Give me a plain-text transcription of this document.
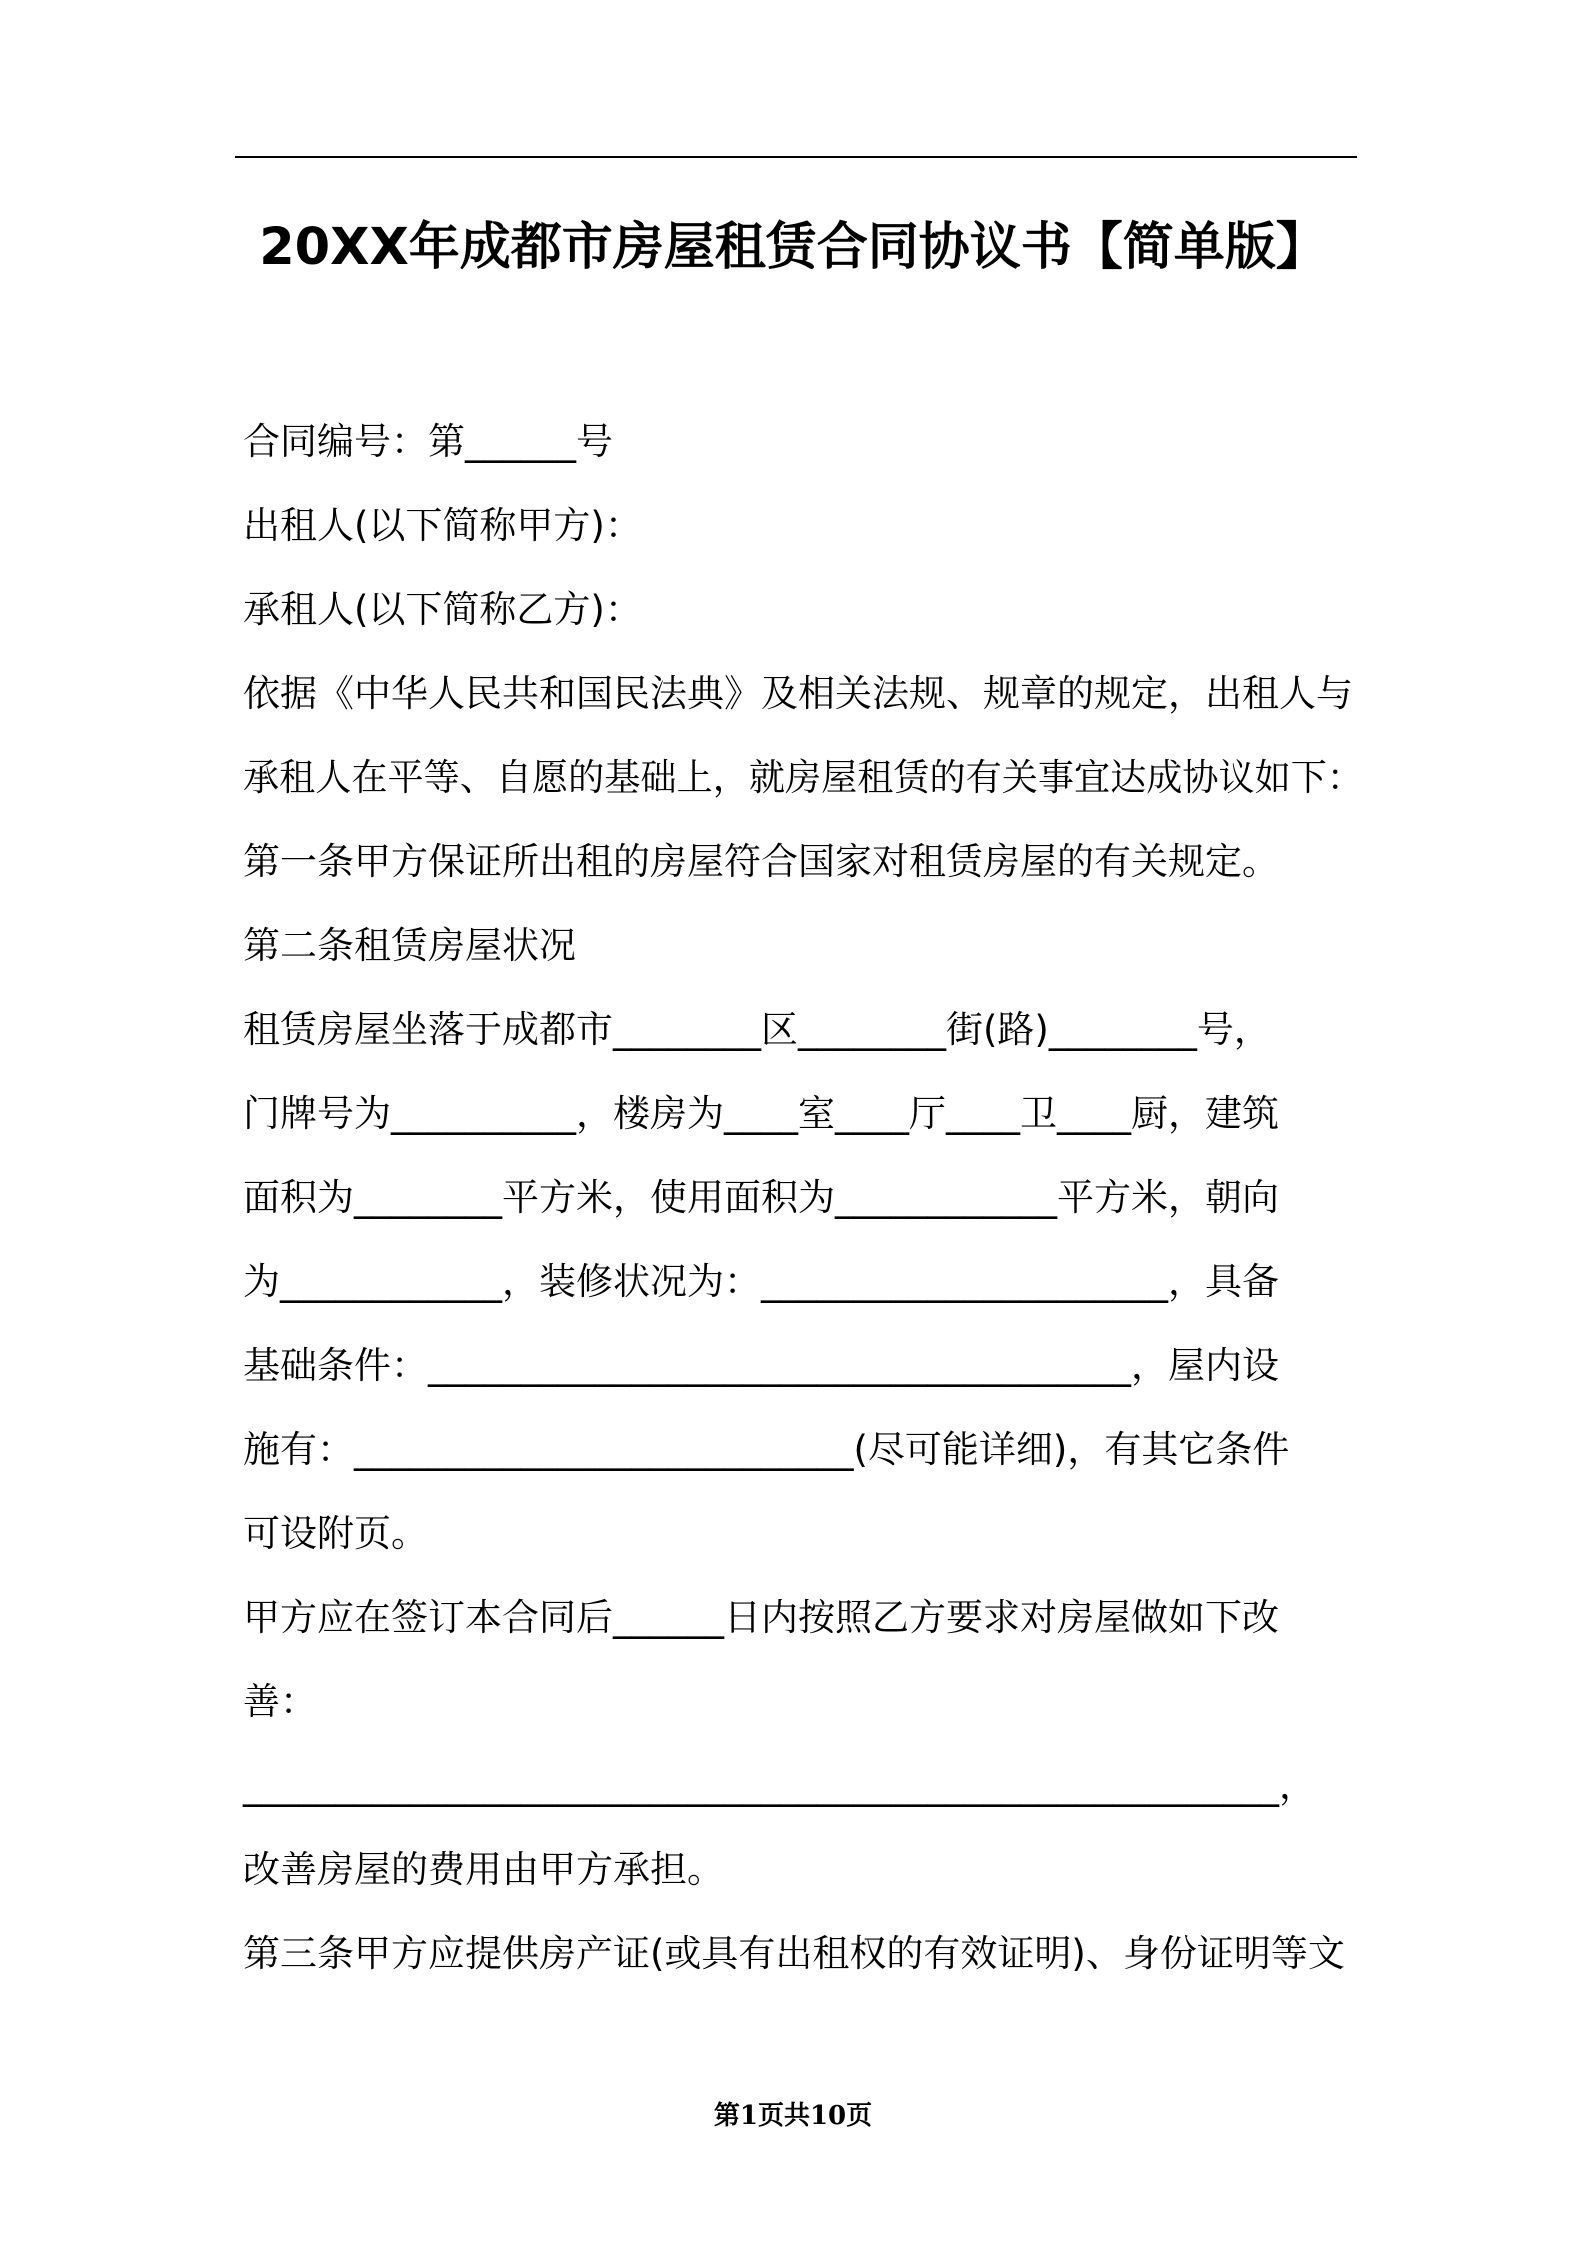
20XX年成都市房屋租赁合同协议书【简单版】
合同编号：第______号
出租人(以下简称甲方)：
承租人(以下简称乙方)：
依据《中华人民共和国民法典》及相关法规、规章的规定，出租人与
承租人在平等、自愿的基础上，就房屋租赁的有关事宜达成协议如下：
第一条甲方保证所出租的房屋符合国家对租赁房屋的有关规定。
第二条租赁房屋状况
租赁房屋坐落于成都市________区________街(路)________号，
门牌号为__________，楼房为____室____厅____卫____厨，建筑
面积为________平方米，使用面积为____________平方米，朝向
为____________，装修状况为：______________________，具备
基础条件：______________________________________，屋内设
施有：___________________________(尽可能详细)，有其它条件
可设附页。
甲方应在签订本合同后______日内按照乙方要求对房屋做如下改
善：
________________________________________________________，
改善房屋的费用由甲方承担。
第三条甲方应提供房产证(或具有出租权的有效证明)、身份证明等文
第1页共10页
